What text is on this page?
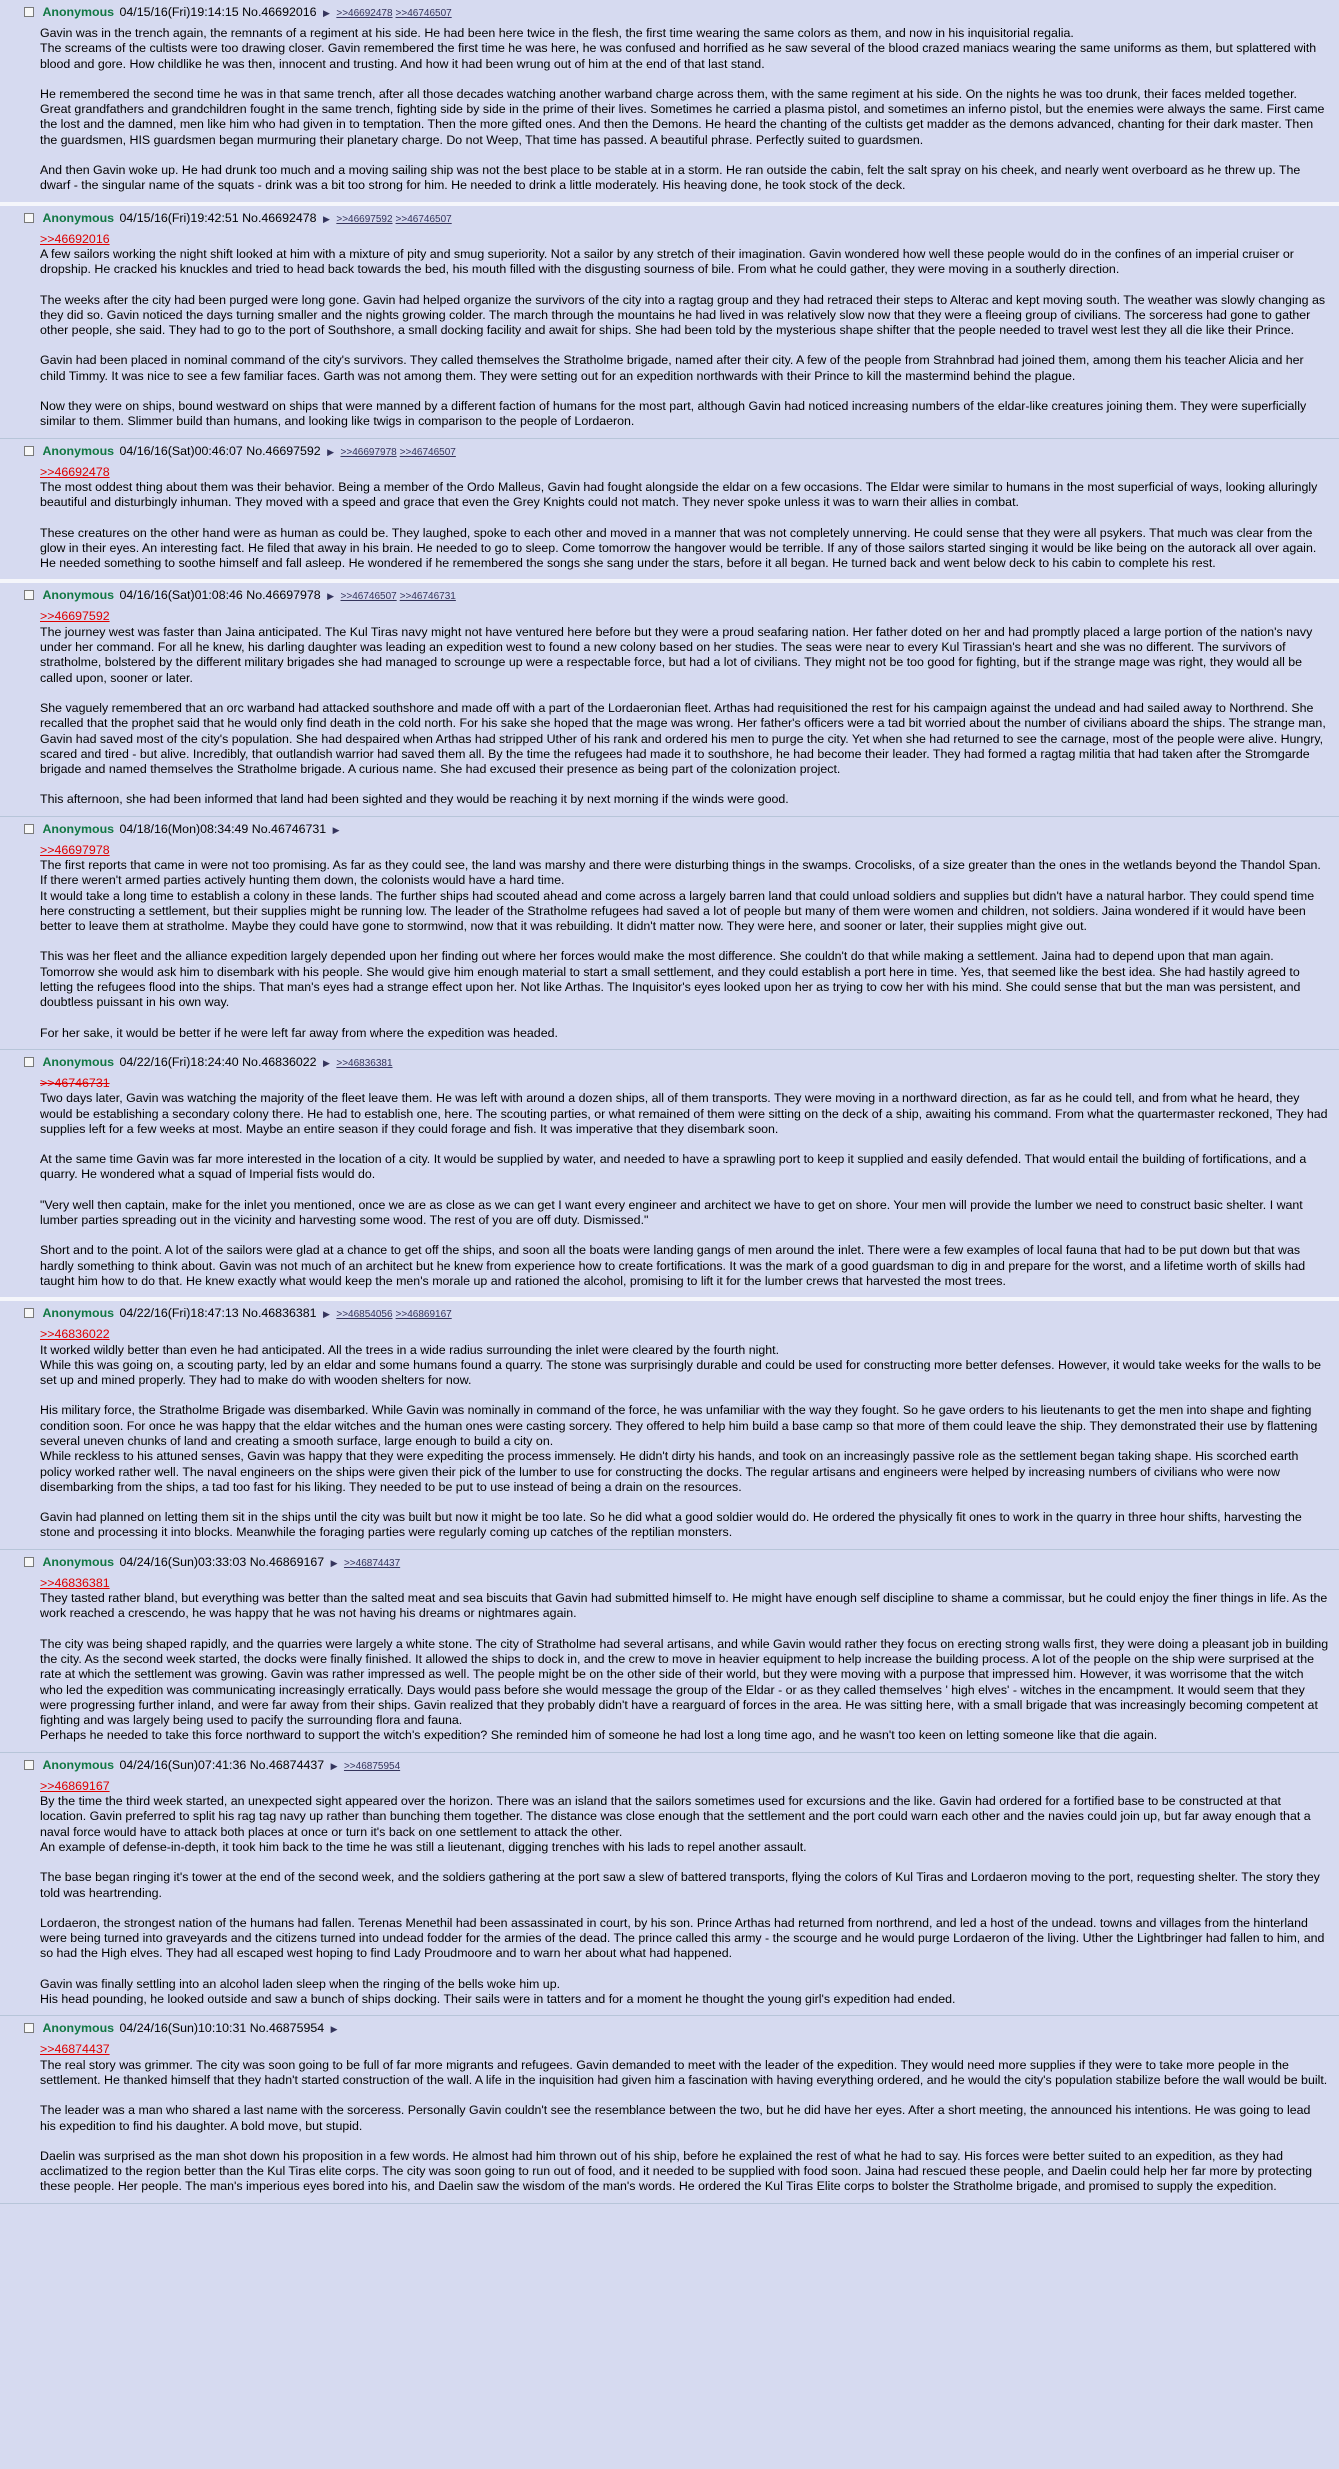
Anonymous 04/15/16(Fri)19:14:15 No.46692016 ▶ >>46692478 >>46746507

Gavin was in the trench again, the remnants of a regiment at his side. He had been here twice in the flesh, the first time wearing the same colors as them, and now in his inquisitorial regalia.
The screams of the cultists were too drawing closer. Gavin remembered the first time he was here, he was confused and horrified as he saw several of the blood crazed maniacs wearing the same uniforms as them, but splattered with blood and gore. How childlike he was then, innocent and trusting. And how it had been wrung out of him at the end of that last stand.

He remembered the second time he was in that same trench, after all those decades watching another warband charge across them, with the same regiment at his side. On the nights he was too drunk, their faces melded together. Great grandfathers and grandchildren fought in the same trench, fighting side by side in the prime of their lives. Sometimes he carried a plasma pistol, and sometimes an inferno pistol, but the enemies were always the same. First came the lost and the damned, men like him who had given in to temptation. Then the more gifted ones. And then the Demons. He heard the chanting of the cultists get madder as the demons advanced, chanting for their dark master. Then the guardsmen, HIS guardsmen began murmuring their planetary charge. Do not Weep, That time has passed. A beautiful phrase. Perfectly suited to guardsmen.

And then Gavin woke up. He had drunk too much and a moving sailing ship was not the best place to be stable at in a storm. He ran outside the cabin, felt the salt spray on his cheek, and nearly went overboard as he threw up. The dwarf - the singular name of the squats - drink was a bit too strong for him. He needed to drink a little moderately. His heaving done, he took stock of the deck.

Anonymous 04/15/16(Fri)19:42:51 No.46692478 ▶ >>46697592 >>46746507
>>46692016

A few sailors working the night shift looked at him with a mixture of pity and smug superiority. Not a sailor by any stretch of their imagination. Gavin wondered how well these people would do in the confines of an imperial cruiser or dropship. He cracked his knuckles and tried to head back towards the bed, his mouth filled with the disgusting sourness of bile. From what he could gather, they were moving in a southerly direction.

The weeks after the city had been purged were long gone. Gavin had helped organize the survivors of the city into a ragtag group and they had retraced their steps to Alterac and kept moving south. The weather was slowly changing as they did so. Gavin noticed the days turning smaller and the nights growing colder. The march through the mountains he had lived in was relatively slow now that they were a fleeing group of civilians. The sorceress had gone to gather other people, she said. They had to go to the port of Southshore, a small docking facility and await for ships. She had been told by the mysterious shape shifter that the people needed to travel west lest they all die like their Prince.

Gavin had been placed in nominal command of the city's survivors. They called themselves the Stratholme brigade, named after their city. A few of the people from Strahnbrad had joined them, among them his teacher Alicia and her child Timmy. It was nice to see a few familiar faces. Garth was not among them. They were setting out for an expedition northwards with their Prince to kill the mastermind behind the plague.

Now they were on ships, bound westward on ships that were manned by a different faction of humans for the most part, although Gavin had noticed increasing numbers of the eldar-like creatures joining them. They were superficially similar to them. Slimmer build than humans, and looking like twigs in comparison to the people of Lordaeron.

Anonymous 04/16/16(Sat)00:46:07 No.46697592 ▶ >>46697978 >>46746507
>>46692478

The most oddest thing about them was their behavior. Being a member of the Ordo Malleus, Gavin had fought alongside the eldar on a few occasions. The Eldar were similar to humans in the most superficial of ways, looking alluringly beautiful and disturbingly inhuman. They moved with a speed and grace that even the Grey Knights could not match. They never spoke unless it was to warn their allies in combat.

These creatures on the other hand were as human as could be. They laughed, spoke to each other and moved in a manner that was not completely unnerving. He could sense that they were all psykers. That much was clear from the glow in their eyes. An interesting fact. He filed that away in his brain. He needed to go to sleep. Come tomorrow the hangover would be terrible. If any of those sailors started singing it would be like being on the autorack all over again. He needed something to soothe himself and fall asleep. He wondered if he remembered the songs she sang under the stars, before it all began. He turned back and went below deck to his cabin to complete his rest.

Anonymous 04/16/16(Sat)01:08:46 No.46697978 ▶ >>46746507 >>46746731
>>46697592

The journey west was faster than Jaina anticipated. The Kul Tiras navy might not have ventured here before but they were a proud seafaring nation. Her father doted on her and had promptly placed a large portion of the nation's navy under her command. For all he knew, his darling daughter was leading an expedition west to found a new colony based on her studies. The seas were near to every Kul Tirassian's heart and she was no different. The survivors of stratholme, bolstered by the different military brigades she had managed to scrounge up were a respectable force, but had a lot of civilians. They might not be too good for fighting, but if the strange mage was right, they would all be called upon, sooner or later.

She vaguely remembered that an orc warband had attacked southshore and made off with a part of the Lordaeronian fleet. Arthas had requisitioned the rest for his campaign against the undead and had sailed away to Northrend. She recalled that the prophet said that he would only find death in the cold north. For his sake she hoped that the mage was wrong. Her father's officers were a tad bit worried about the number of civilians aboard the ships. The strange man, Gavin had saved most of the city's population. She had despaired when Arthas had stripped Uther of his rank and ordered his men to purge the city. Yet when she had returned to see the carnage, most of the people were alive. Hungry, scared and tired - but alive. Incredibly, that outlandish warrior had saved them all. By the time the refugees had made it to southshore, he had become their leader. They had formed a ragtag militia that had taken after the Stromgarde brigade and named themselves the Stratholme brigade. A curious name. She had excused their presence as being part of the colonization project.

This afternoon, she had been informed that land had been sighted and they would be reaching it by next morning if the winds were good.

Anonymous 04/18/16(Mon)08:34:49 No.46746731 ▶
>>46697978

The first reports that came in were not too promising. As far as they could see, the land was marshy and there were disturbing things in the swamps. Crocolisks, of a size greater than the ones in the wetlands beyond the Thandol Span. If there weren't armed parties actively hunting them down, the colonists would have a hard time.
It would take a long time to establish a colony in these lands. The further ships had scouted ahead and come across a largely barren land that could unload soldiers and supplies but didn't have a natural harbor. They could spend time here constructing a settlement, but their supplies might be running low. The leader of the Stratholme refugees had saved a lot of people but many of them were women and children, not soldiers. Jaina wondered if it would have been better to leave them at stratholme. Maybe they could have gone to stormwind, now that it was rebuilding. It didn't matter now. They were here, and sooner or later, their supplies might give out.

This was her fleet and the alliance expedition largely depended upon her finding out where her forces would make the most difference. She couldn't do that while making a settlement. Jaina had to depend upon that man again. Tomorrow she would ask him to disembark with his people. She would give him enough material to start a small settlement, and they could establish a port here in time. Yes, that seemed like the best idea. She had hastily agreed to letting the refugees flood into the ships. That man's eyes had a strange effect upon her. Not like Arthas. The Inquisitor's eyes looked upon her as trying to cow her with his mind. She could sense that but the man was persistent, and doubtless puissant in his own way.

For her sake, it would be better if he were left far away from where the expedition was headed.

Anonymous 04/22/16(Fri)18:24:40 No.46836022 ▶ >>46836381
>>46746731

Two days later, Gavin was watching the majority of the fleet leave them. He was left with around a dozen ships, all of them transports. They were moving in a northward direction, as far as he could tell, and from what he heard, they would be establishing a secondary colony there. He had to establish one, here. The scouting parties, or what remained of them were sitting on the deck of a ship, awaiting his command. From what the quartermaster reckoned, They had supplies left for a few weeks at most. Maybe an entire season if they could forage and fish. It was imperative that they disembark soon.

At the same time Gavin was far more interested in the location of a city. It would be supplied by water, and needed to have a sprawling port to keep it supplied and easily defended. That would entail the building of fortifications, and a quarry. He wondered what a squad of Imperial fists would do.

"Very well then captain, make for the inlet you mentioned, once we are as close as we can get I want every engineer and architect we have to get on shore. Your men will provide the lumber we need to construct basic shelter. I want lumber parties spreading out in the vicinity and harvesting some wood. The rest of you are off duty. Dismissed."

Short and to the point. A lot of the sailors were glad at a chance to get off the ships, and soon all the boats were landing gangs of men around the inlet. There were a few examples of local fauna that had to be put down but that was hardly something to think about. Gavin was not much of an architect but he knew from experience how to create fortifications. It was the mark of a good guardsman to dig in and prepare for the worst, and a lifetime worth of skills had taught him how to do that. He knew exactly what would keep the men's morale up and rationed the alcohol, promising to lift it for the lumber crews that harvested the most trees.

Anonymous 04/22/16(Fri)18:47:13 No.46836381 ▶ >>46854056 >>46869167
>>46836022

It worked wildly better than even he had anticipated. All the trees in a wide radius surrounding the inlet were cleared by the fourth night.
While this was going on, a scouting party, led by an eldar and some humans found a quarry. The stone was surprisingly durable and could be used for constructing more better defenses. However, it would take weeks for the walls to be set up and mined properly. They had to make do with wooden shelters for now.

His military force, the Stratholme Brigade was disembarked. While Gavin was nominally in command of the force, he was unfamiliar with the way they fought. So he gave orders to his lieutenants to get the men into shape and fighting condition soon. For once he was happy that the eldar witches and the human ones were casting sorcery. They offered to help him build a base camp so that more of them could leave the ship. They demonstrated their use by flattening several uneven chunks of land and creating a smooth surface, large enough to build a city on.
While reckless to his attuned senses, Gavin was happy that they were expediting the process immensely. He didn't dirty his hands, and took on an increasingly passive role as the settlement began taking shape. His scorched earth policy worked rather well. The naval engineers on the ships were given their pick of the lumber to use for constructing the docks. The regular artisans and engineers were helped by increasing numbers of civilians who were now disembarking from the ships, a tad too fast for his liking. They needed to be put to use instead of being a drain on the resources.

Gavin had planned on letting them sit in the ships until the city was built but now it might be too late. So he did what a good soldier would do. He ordered the physically fit ones to work in the quarry in three hour shifts, harvesting the stone and processing it into blocks. Meanwhile the foraging parties were regularly coming up catches of the reptilian monsters.

Anonymous 04/24/16(Sun)03:33:03 No.46869167 ▶ >>46874437
>>46836381

They tasted rather bland, but everything was better than the salted meat and sea biscuits that Gavin had submitted himself to. He might have enough self discipline to shame a commissar, but he could enjoy the finer things in life. As the work reached a crescendo, he was happy that he was not having his dreams or nightmares again.

The city was being shaped rapidly, and the quarries were largely a white stone. The city of Stratholme had several artisans, and while Gavin would rather they focus on erecting strong walls first, they were doing a pleasant job in building the city. As the second week started, the docks were finally finished. It allowed the ships to dock in, and the crew to move in heavier equipment to help increase the building process. A lot of the people on the ship were surprised at the rate at which the settlement was growing. Gavin was rather impressed as well. The people might be on the other side of their world, but they were moving with a purpose that impressed him. However, it was worrisome that the witch who led the expedition was communicating increasingly erratically. Days would pass before she would message the group of the Eldar - or as they called themselves ' high elves' - witches in the encampment. It would seem that they were progressing further inland, and were far away from their ships. Gavin realized that they probably didn't have a rearguard of forces in the area. He was sitting here, with a small brigade that was increasingly becoming competent at fighting and was largely being used to pacify the surrounding flora and fauna.
Perhaps he needed to take this force northward to support the witch's expedition? She reminded him of someone he had lost a long time ago, and he wasn't too keen on letting someone like that die again.

Anonymous 04/24/16(Sun)07:41:36 No.46874437 ▶ >>46875954
>>46869167

By the time the third week started, an unexpected sight appeared over the horizon. There was an island that the sailors sometimes used for excursions and the like. Gavin had ordered for a fortified base to be constructed at that location. Gavin preferred to split his rag tag navy up rather than bunching them together. The distance was close enough that the settlement and the port could warn each other and the navies could join up, but far away enough that a naval force would have to attack both places at once or turn it's back on one settlement to attack the other.
An example of defense-in-depth, it took him back to the time he was still a lieutenant, digging trenches with his lads to repel another assault.

The base began ringing it's tower at the end of the second week, and the soldiers gathering at the port saw a slew of battered transports, flying the colors of Kul Tiras and Lordaeron moving to the port, requesting shelter. The story they told was heartrending.

Lordaeron, the strongest nation of the humans had fallen. Terenas Menethil had been assassinated in court, by his son. Prince Arthas had returned from northrend, and led a host of the undead. towns and villages from the hinterland were being turned into graveyards and the citizens turned into undead fodder for the armies of the dead. The prince called this army - the scourge and he would purge Lordaeron of the living. Uther the Lightbringer had fallen to him, and so had the High elves. They had all escaped west hoping to find Lady Proudmoore and to warn her about what had happened.

Gavin was finally settling into an alcohol laden sleep when the ringing of the bells woke him up.
His head pounding, he looked outside and saw a bunch of ships docking. Their sails were in tatters and for a moment he thought the young girl's expedition had ended.

Anonymous 04/24/16(Sun)10:10:31 No.46875954 ▶
>>46874437

The real story was grimmer. The city was soon going to be full of far more migrants and refugees. Gavin demanded to meet with the leader of the expedition. They would need more supplies if they were to take more people in the settlement. He thanked himself that they hadn't started construction of the wall. A life in the inquisition had given him a fascination with having everything ordered, and he would the city's population stabilize before the wall would be built.

The leader was a man who shared a last name with the sorceress. Personally Gavin couldn't see the resemblance between the two, but he did have her eyes. After a short meeting, the announced his intentions. He was going to lead his expedition to find his daughter. A bold move, but stupid.

Daelin was surprised as the man shot down his proposition in a few words. He almost had him thrown out of his ship, before he explained the rest of what he had to say. His forces were better suited to an expedition, as they had acclimatized to the region better than the Kul Tiras elite corps. The city was soon going to run out of food, and it needed to be supplied with food soon. Jaina had rescued these people, and Daelin could help her far more by protecting these people. Her people. The man's imperious eyes bored into his, and Daelin saw the wisdom of the man's words. He ordered the Kul Tiras Elite corps to bolster the Stratholme brigade, and promised to supply the expedition.
